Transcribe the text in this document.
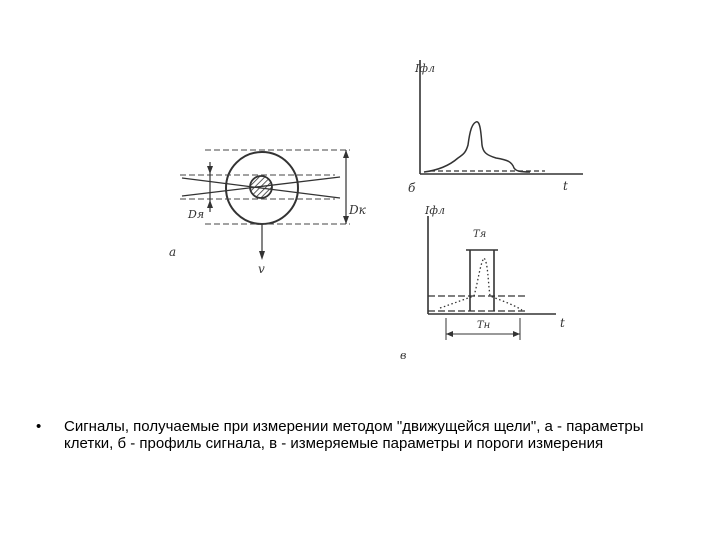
Dя	Dк
v
а
Iфл
t
б
Iфл
Tя
Tн	t
в
• Сигналы, получаемые при измерении методом "движущейся щели", а - параметры клетки, б - профиль сигнала, в - измеряемые параметры и пороги измерения
